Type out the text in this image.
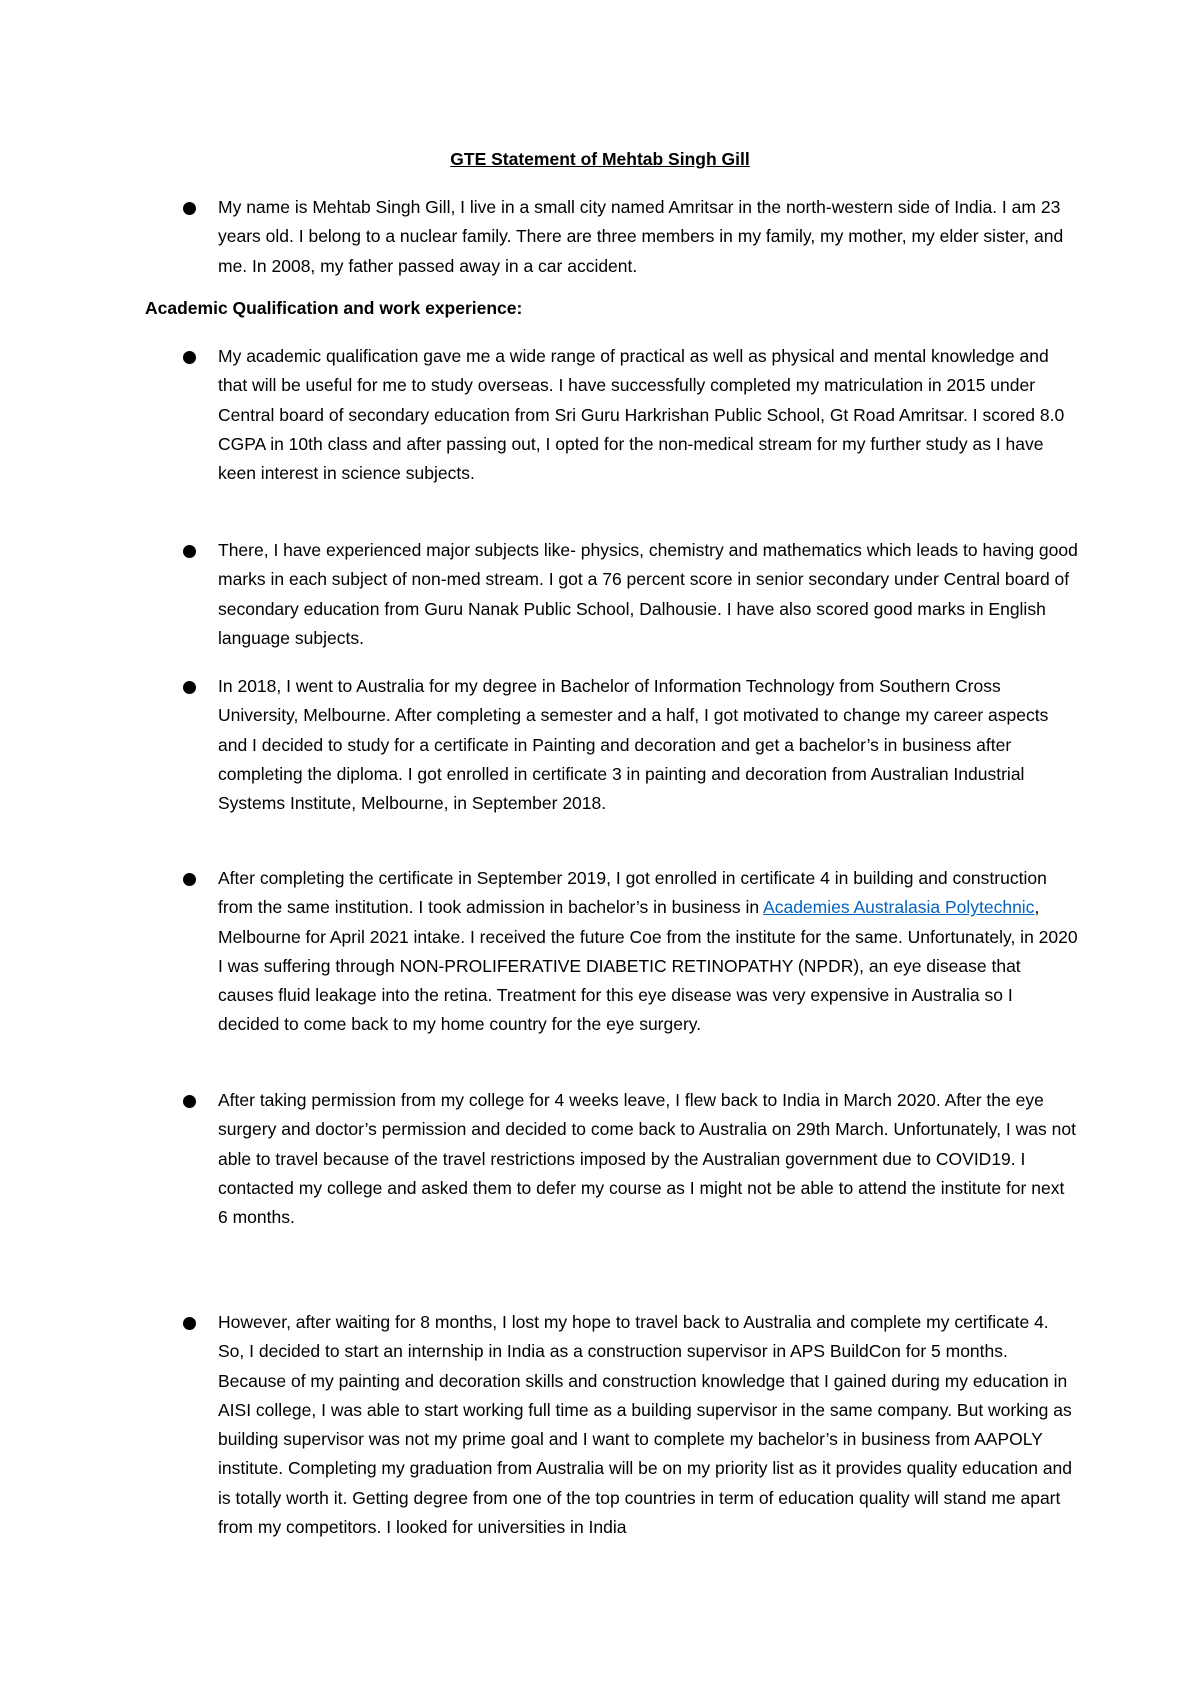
GTE Statement of Mehtab Singh Gill
My name is Mehtab Singh Gill, I live in a small city named Amritsar in the north-western side of India. I am 23 years old. I belong to a nuclear family. There are three members in my family, my mother, my elder sister, and me. In 2008, my father passed away in a car accident.
Academic Qualification and work experience:
My academic qualification gave me a wide range of practical as well as physical and mental knowledge and that will be useful for me to study overseas. I have successfully completed my matriculation in 2015 under Central board of secondary education from Sri Guru Harkrishan Public School, Gt Road Amritsar. I scored 8.0 CGPA in 10th class and after passing out, I opted for the non-medical stream for my further study as I have keen interest in science subjects.
There, I have experienced major subjects like- physics, chemistry and mathematics which leads to having good marks in each subject of non-med stream. I got a 76 percent score in senior secondary under Central board of secondary education from Guru Nanak Public School, Dalhousie. I have also scored good marks in English language subjects.
In 2018, I went to Australia for my degree in Bachelor of Information Technology from Southern Cross University, Melbourne. After completing a semester and a half, I got motivated to change my career aspects and I decided to study for a certificate in Painting and decoration and get a bachelor’s in business after completing the diploma. I got enrolled in certificate 3 in painting and decoration from Australian Industrial Systems Institute, Melbourne, in September 2018.
After completing the certificate in September 2019, I got enrolled in certificate 4 in building and construction from the same institution. I took admission in bachelor’s in business in Academies Australasia Polytechnic, Melbourne for April 2021 intake. I received the future Coe from the institute for the same. Unfortunately, in 2020 I was suffering through NON-PROLIFERATIVE DIABETIC RETINOPATHY (NPDR), an eye disease that causes fluid leakage into the retina. Treatment for this eye disease was very expensive in Australia so I decided to come back to my home country for the eye surgery.
After taking permission from my college for 4 weeks leave, I flew back to India in March 2020. After the eye surgery and doctor’s permission and decided to come back to Australia on 29th March. Unfortunately, I was not able to travel because of the travel restrictions imposed by the Australian government due to COVID19. I contacted my college and asked them to defer my course as I might not be able to attend the institute for next 6 months.
However, after waiting for 8 months, I lost my hope to travel back to Australia and complete my certificate 4. So, I decided to start an internship in India as a construction supervisor in APS BuildCon for 5 months. Because of my painting and decoration skills and construction knowledge that I gained during my education in AISI college, I was able to start working full time as a building supervisor in the same company. But working as building supervisor was not my prime goal and I want to complete my bachelor’s in business from AAPOLY institute. Completing my graduation from Australia will be on my priority list as it provides quality education and is totally worth it. Getting degree from one of the top countries in term of education quality will stand me apart from my competitors. I looked for universities in India
